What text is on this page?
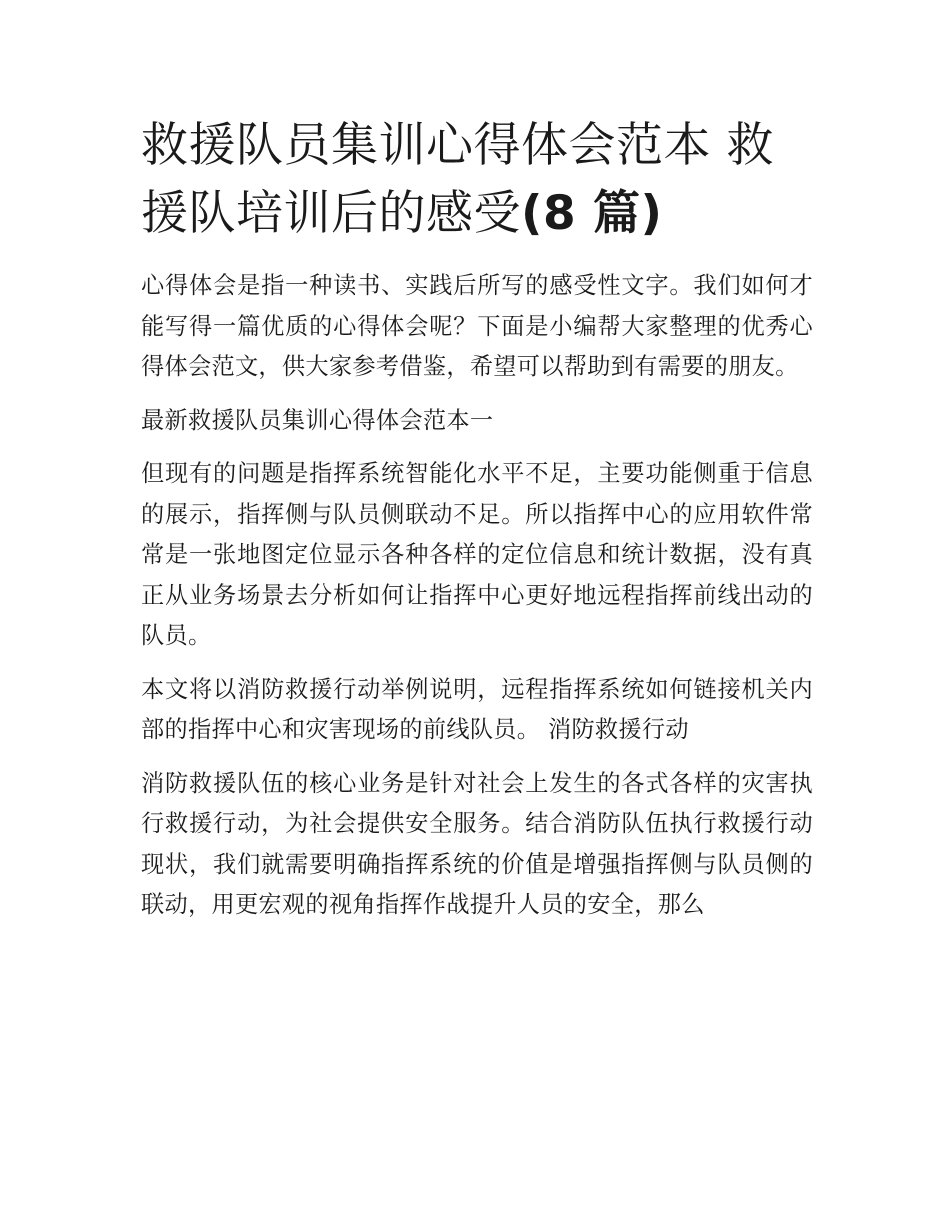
救援队员集训心得体会范本 救援队培训后的感受(8 篇)

心得体会是指一种读书、实践后所写的感受性文字。我们如何才能写得一篇优质的心得体会呢？下面是小编帮大家整理的优秀心得体会范文，供大家参考借鉴，希望可以帮助到有需要的朋友。

最新救援队员集训心得体会范本一

但现有的问题是指挥系统智能化水平不足，主要功能侧重于信息的展示，指挥侧与队员侧联动不足。所以指挥中心的应用软件常常是一张地图定位显示各种各样的定位信息和统计数据，没有真正从业务场景去分析如何让指挥中心更好地远程指挥前线出动的队员。

本文将以消防救援行动举例说明，远程指挥系统如何链接机关内部的指挥中心和灾害现场的前线队员。 消防救援行动

消防救援队伍的核心业务是针对社会上发生的各式各样的灾害执行救援行动，为社会提供安全服务。结合消防队伍执行救援行动现状，我们就需要明确指挥系统的价值是增强指挥侧与队员侧的联动，用更宏观的视角指挥作战提升人员的安全，那么
